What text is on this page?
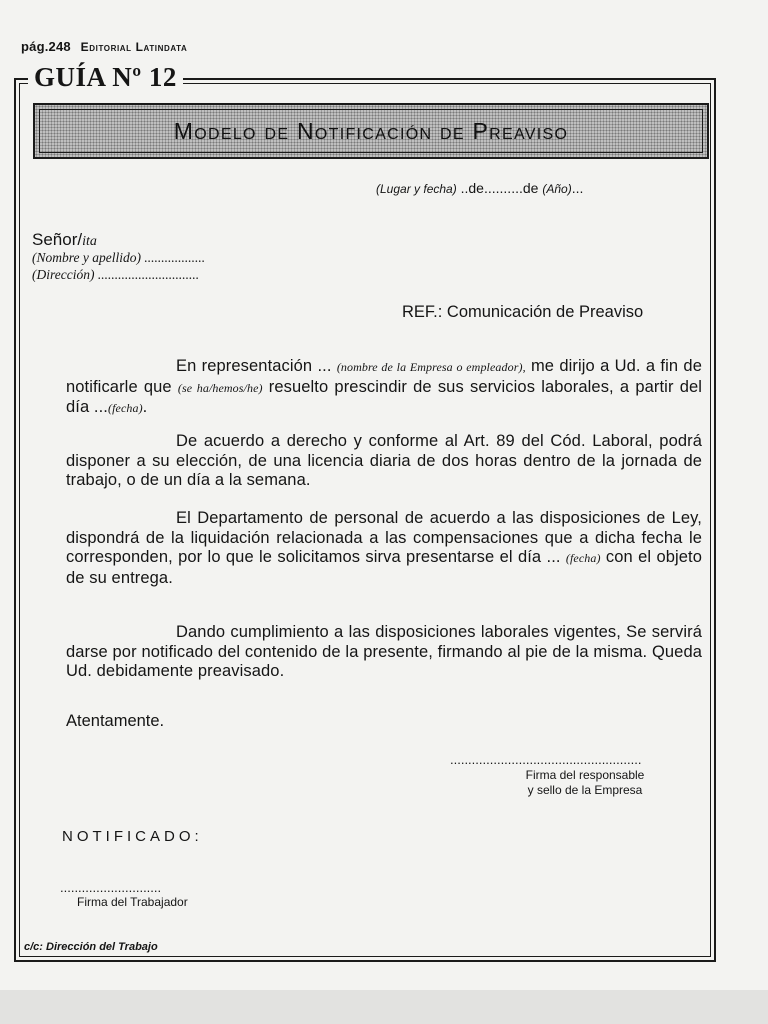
pág.248 Editorial Latindata
GUÍA Nº 12
Modelo de Notificación de Preaviso
(Lugar y fecha) ..de..........de (Año)...
Señor/ita
(Nombre y apellido) ..................
(Dirección) ..............................
REF.: Comunicación de Preaviso
En representación ... (nombre de la Empresa o empleador), me dirijo a Ud. a fin de notificarle que (se ha/hemos/he) resuelto prescindir de sus servicios laborales, a partir del día ...(fecha).
De acuerdo a derecho y conforme al Art. 89 del Cód. Laboral, podrá disponer a su elección, de una licencia diaria de dos horas dentro de la jornada de trabajo, o de un día a la semana.
El Departamento de personal de acuerdo a las disposiciones de Ley, dispondrá de la liquidación relacionada a las compensaciones que a dicha fecha le corresponden, por lo que le solicitamos sirva presentarse el día ... (fecha) con el objeto de su entrega.
Dando cumplimiento a las disposiciones laborales vigentes, Se servirá darse por notificado del contenido de la presente, firmando al pie de la misma. Queda Ud. debidamente preavisado.
Atentamente.
.....................................................
Firma del responsable
y sello de la Empresa
NOTIFICADO:
............................
Firma del Trabajador
c/c: Dirección del Trabajo
